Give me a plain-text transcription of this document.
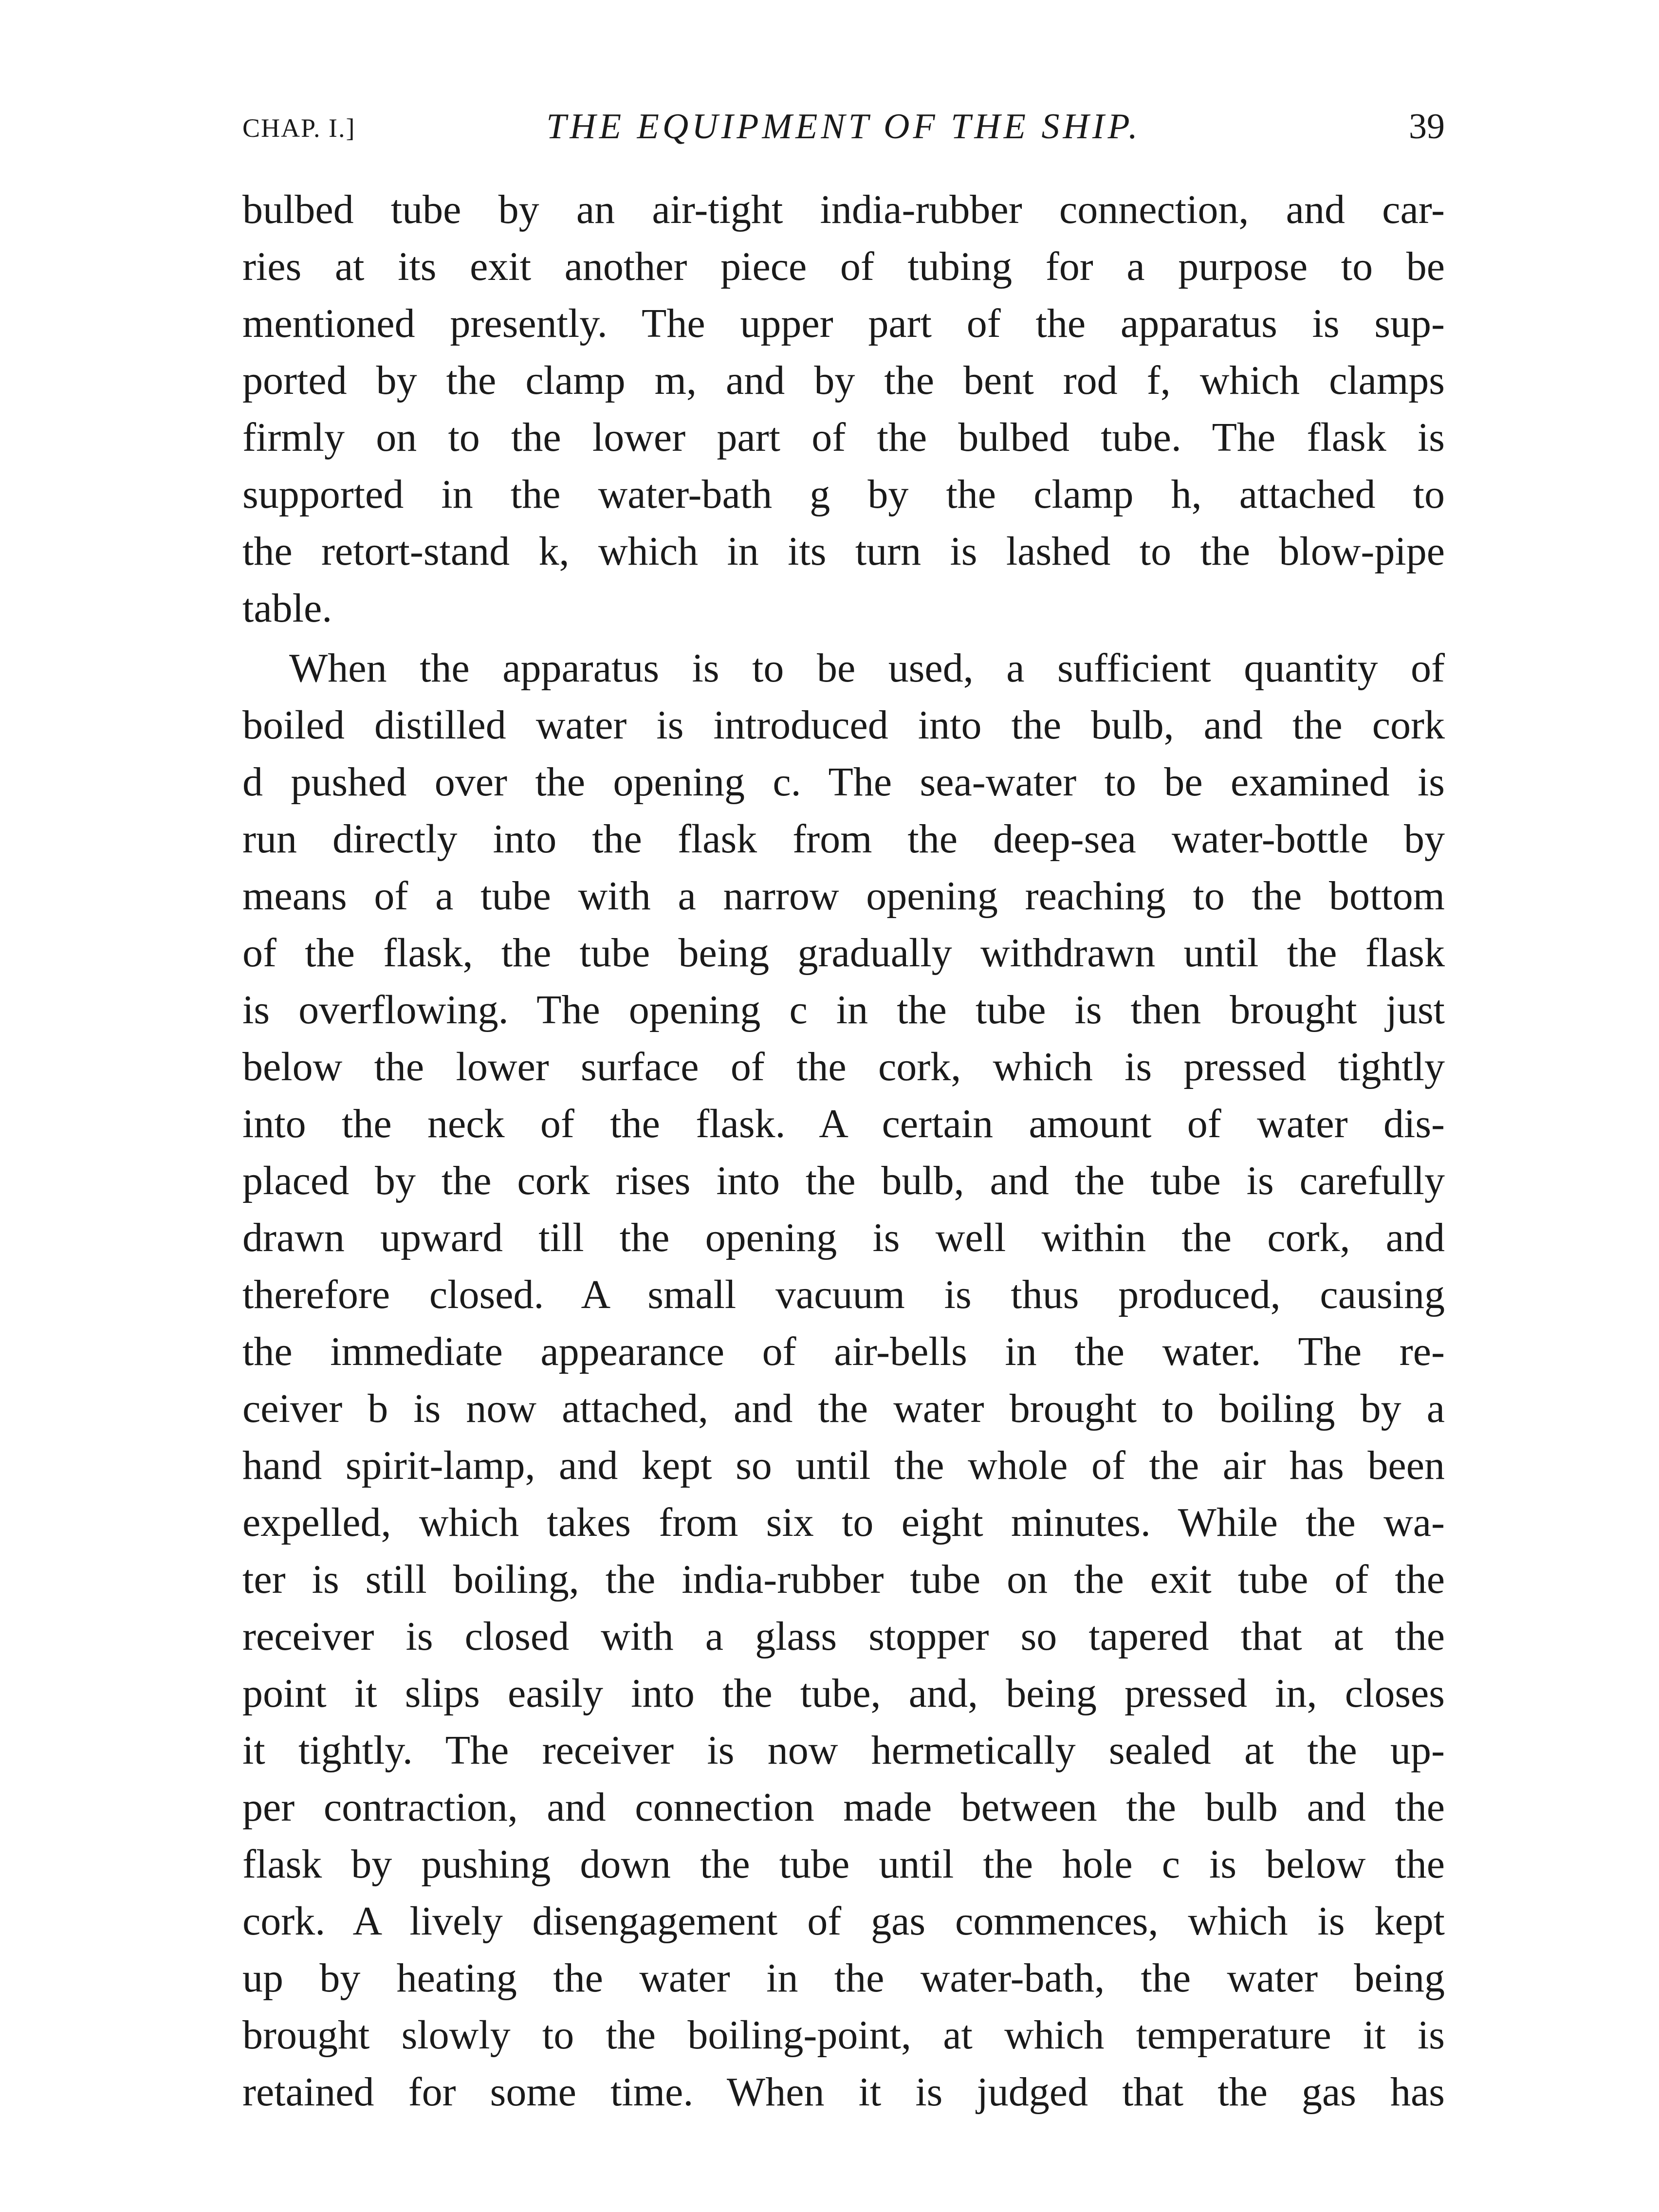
CHAP. I.]	THE EQUIPMENT OF THE SHIP.	39
bulbed tube by an air-tight india-rubber connection, and car-
ries at its exit another piece of tubing for a purpose to be
mentioned presently. The upper part of the apparatus is sup-
ported by the clamp m, and by the bent rod f, which clamps
firmly on to the lower part of the bulbed tube. The flask is
supported in the water-bath g by the clamp h, attached to
the retort-stand k, which in its turn is lashed to the blow-pipe
table.
When the apparatus is to be used, a sufficient quantity of
boiled distilled water is introduced into the bulb, and the cork
d pushed over the opening c. The sea-water to be examined is
run directly into the flask from the deep-sea water-bottle by
means of a tube with a narrow opening reaching to the bottom
of the flask, the tube being gradually withdrawn until the flask
is overflowing. The opening c in the tube is then brought just
below the lower surface of the cork, which is pressed tightly
into the neck of the flask. A certain amount of water dis-
placed by the cork rises into the bulb, and the tube is carefully
drawn upward till the opening is well within the cork, and
therefore closed. A small vacuum is thus produced, causing
the immediate appearance of air-bells in the water. The re-
ceiver b is now attached, and the water brought to boiling by a
hand spirit-lamp, and kept so until the whole of the air has been
expelled, which takes from six to eight minutes. While the wa-
ter is still boiling, the india-rubber tube on the exit tube of the
receiver is closed with a glass stopper so tapered that at the
point it slips easily into the tube, and, being pressed in, closes
it tightly. The receiver is now hermetically sealed at the up-
per contraction, and connection made between the bulb and the
flask by pushing down the tube until the hole c is below the
cork. A lively disengagement of gas commences, which is kept
up by heating the water in the water-bath, the water being
brought slowly to the boiling-point, at which temperature it is
retained for some time. When it is judged that the gas has
